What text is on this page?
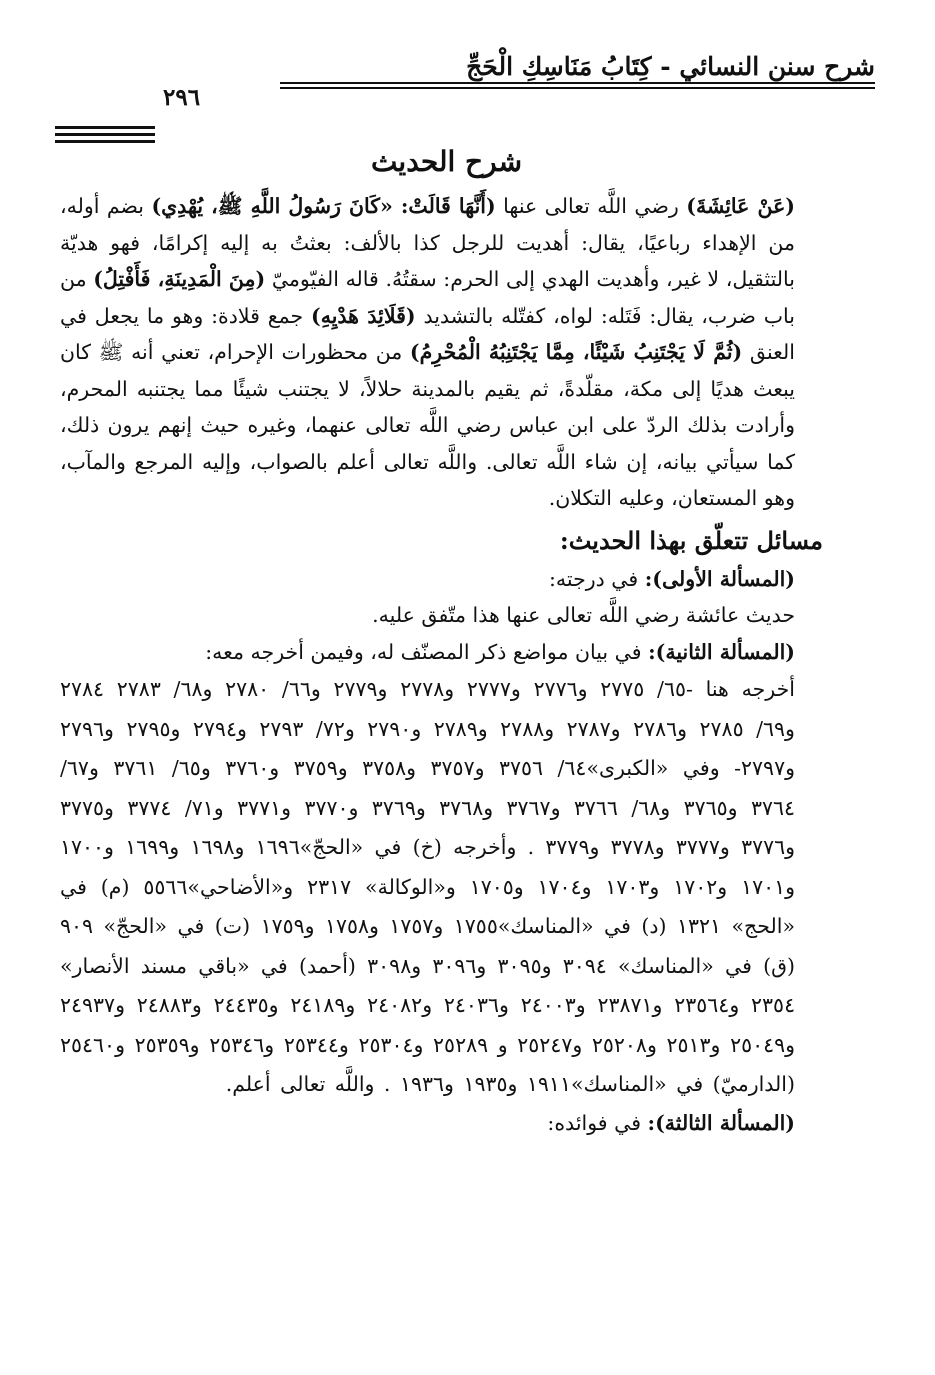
شرح سنن النسائي - كِتَابُ مَنَاسِكِ الْحَجِّ
٢٩٦
شرح الحديث

(عَنْ عَائِشَةَ) رضي اللَّه تعالى عنها (أَنَّهَا قَالَتْ: «كَانَ رَسُولُ اللَّهِ ﷺ، يُهْدِي) بضم أوله، من الإهداء رباعيًا، يقال: أهديت للرجل كذا بالألف: بعثتُ به إليه إكرامًا، فهو هديّة بالتثقيل، لا غير، وأهديت الهدي إلى الحرم: سقتُهُ. قاله الفيّوميّ (مِنَ الْمَدِينَةِ، فَأَفْتِلُ) من باب ضرب، يقال: فَتَله: لواه، كفتّله بالتشديد (قَلَائِدَ هَدْيِهِ) جمع قلادة: وهو ما يجعل في العنق (ثُمَّ لَا يَجْتَنِبُ شَيْئًا، مِمَّا يَجْتَنِبُهُ الْمُحْرِمُ) من محظورات الإحرام، تعني أنه ﷺ كان يبعث هديًا إلى مكة، مقلّدةً، ثم يقيم بالمدينة حلالاً، لا يجتنب شيئًا مما يجتنبه المحرم، وأرادت بذلك الردّ على ابن عباس رضي اللَّه تعالى عنهما، وغيره حيث إنهم يرون ذلك، كما سيأتي بيانه، إن شاء اللَّه تعالى. واللَّه تعالى أعلم بالصواب، وإليه المرجع والمآب، وهو المستعان، وعليه التكلان.

مسائل تتعلّق بهذا الحديث:

(المسألة الأولى): في درجته:

حديث عائشة رضي اللَّه تعالى عنها هذا متّفق عليه.

(المسألة الثانية): في بيان مواضع ذكر المصنّف له، وفيمن أخرجه معه:

أخرجه هنا -٦٥/ ٢٧٧٥ و٢٧٧٦ و٢٧٧٧ و٢٧٧٨ و٢٧٧٩ و٦٦/ ٢٧٨٠ و٦٨/ ٢٧٨٣ ٢٧٨٤ و٦٩/ ٢٧٨٥ و٢٧٨٦ و٢٧٨٧ و٢٧٨٨ و٢٧٨٩ و٢٧٩٠ و٧٢/ ٢٧٩٣ و٢٧٩٤ و٢٧٩٥ و٢٧٩٦ و٢٧٩٧- وفي «الكبرى»٦٤/ ٣٧٥٦ و٣٧٥٧ و٣٧٥٨ و٣٧٥٩ و٣٧٦٠ و٦٥/ ٣٧٦١ و٦٧/ ٣٧٦٤ و٣٧٦٥ و٦٨/ ٣٧٦٦ و٣٧٦٧ و٣٧٦٨ و٣٧٦٩ و٣٧٧٠ و٣٧٧١ و٧١/ ٣٧٧٤ و٣٧٧٥ و٣٧٧٦ و٣٧٧٧ و٣٧٧٨ و٣٧٧٩ . وأخرجه (خ) في «الحجّ»١٦٩٦ و١٦٩٨ و١٦٩٩ و١٧٠٠ و١٧٠١ و١٧٠٢ و١٧٠٣ و١٧٠٤ و١٧٠٥ و«الوكالة» ٢٣١٧ و«الأضاحي»٥٥٦٦ (م) في «الحج» ١٣٢١ (د) في «المناسك»١٧٥٥ و١٧٥٧ و١٧٥٨ و١٧٥٩ (ت) في «الحجّ» ٩٠٩ (ق) في «المناسك» ٣٠٩٤ و٣٠٩٥ و٣٠٩٦ و٣٠٩٨ (أحمد) في «باقي مسند الأنصار» ٢٣٥٤ و٢٣٥٦٤ و٢٣٨٧١ و٢٤٠٠٣ و٢٤٠٣٦ و٢٤٠٨٢ و٢٤١٨٩ و٢٤٤٣٥ و٢٤٨٨٣ و٢٤٩٣٧ و٢٥٠٤٩ و٢٥١٣ و٢٥٢٠٨ و٢٥٢٤٧ و ٢٥٢٨٩ و٢٥٣٠٤ و٢٥٣٤٤ و٢٥٣٤٦ و٢٥٣٥٩ و٢٥٤٦٠ (الدارميّ) في «المناسك»١٩١١ و١٩٣٥ و١٩٣٦ . واللَّه تعالى أعلم.

(المسألة الثالثة): في فوائده:
